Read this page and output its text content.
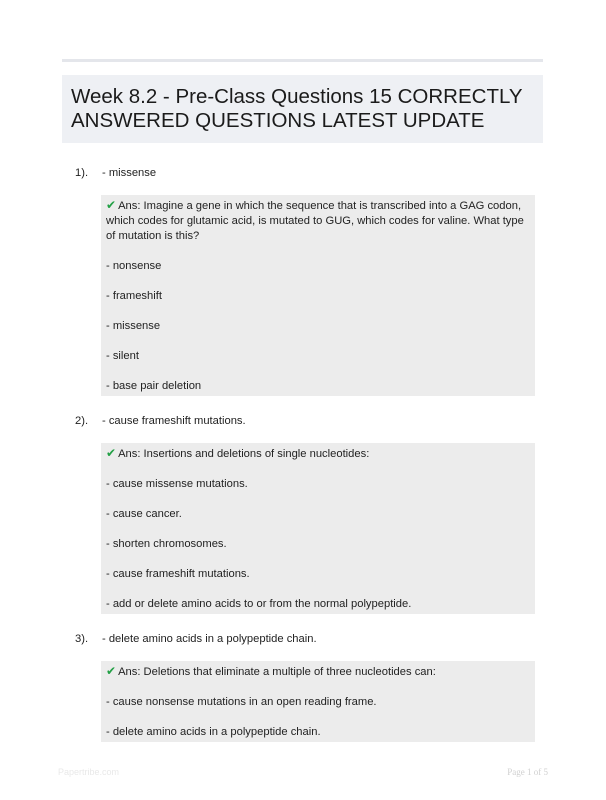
Week 8.2 - Pre-Class Questions 15 CORRECTLY ANSWERED QUESTIONS LATEST UPDATE
1). - missense

✔ Ans: Imagine a gene in which the sequence that is transcribed into a GAG codon, which codes for glutamic acid, is mutated to GUG, which codes for valine. What type of mutation is this?

- nonsense

- frameshift

- missense

- silent

- base pair deletion

2). - cause frameshift mutations.

✔ Ans: Insertions and deletions of single nucleotides:

- cause missense mutations.

- cause cancer.

- shorten chromosomes.

- cause frameshift mutations.

- add or delete amino acids to or from the normal polypeptide.

3). - delete amino acids in a polypeptide chain.

✔ Ans: Deletions that eliminate a multiple of three nucleotides can:

- cause nonsense mutations in an open reading frame.

- delete amino acids in a polypeptide chain.

Papertribe.com	Page 1 of 5
